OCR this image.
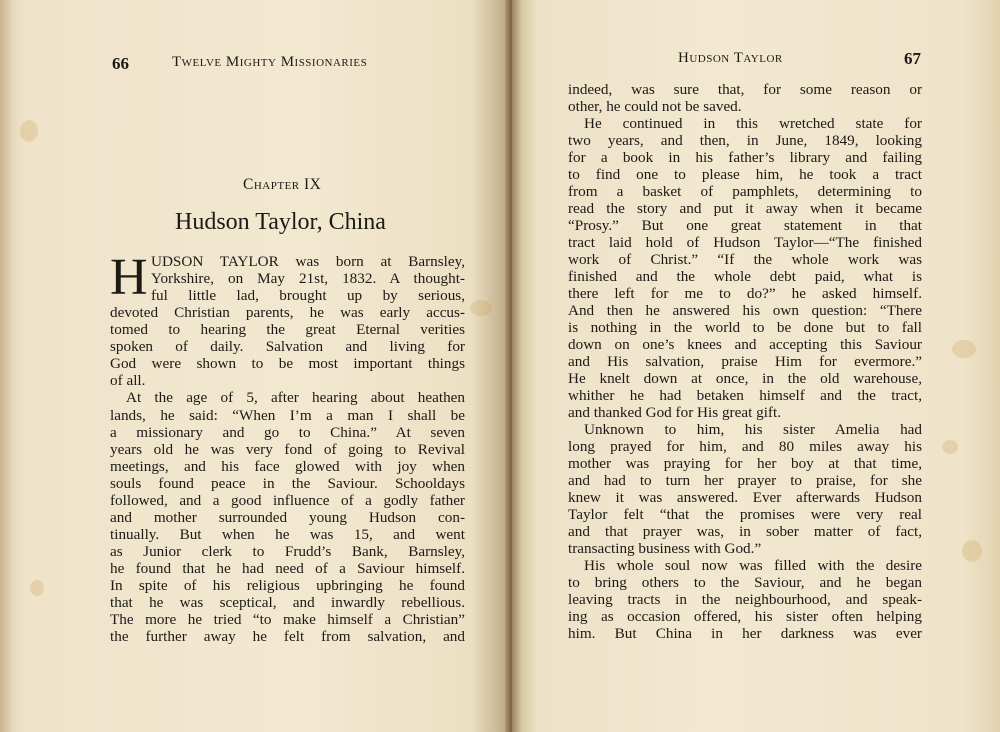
66	Twelve Mighty Missionaries
Chapter IX
Hudson Taylor, China
H UDSON TAYLOR was born at Barnsley,
Yorkshire, on May 21st, 1832. A thought-
ful little lad, brought up by serious,
devoted Christian parents, he was early accus-
tomed to hearing the great Eternal verities
spoken of daily. Salvation and living for
God were shown to be most important things
of all.
At the age of 5, after hearing about heathen
lands, he said: “When I’m a man I shall be
a missionary and go to China.” At seven
years old he was very fond of going to Revival
meetings, and his face glowed with joy when
souls found peace in the Saviour. Schooldays
followed, and a good influence of a godly father
and mother surrounded young Hudson con-
tinually. But when he was 15, and went
as Junior clerk to Frudd’s Bank, Barnsley,
he found that he had need of a Saviour himself.
In spite of his religious upbringing he found
that he was sceptical, and inwardly rebellious.
The more he tried “to make himself a Christian”
the further away he felt from salvation, and
Hudson Taylor	67
indeed, was sure that, for some reason or
other, he could not be saved.
He continued in this wretched state for
two years, and then, in June, 1849, looking
for a book in his father’s library and failing
to find one to please him, he took a tract
from a basket of pamphlets, determining to
read the story and put it away when it became
“Prosy.” But one great statement in that
tract laid hold of Hudson Taylor—“The finished
work of Christ.” “If the whole work was
finished and the whole debt paid, what is
there left for me to do?” he asked himself.
And then he answered his own question: “There
is nothing in the world to be done but to fall
down on one’s knees and accepting this Saviour
and His salvation, praise Him for evermore.”
He knelt down at once, in the old warehouse,
whither he had betaken himself and the tract,
and thanked God for His great gift.
Unknown to him, his sister Amelia had
long prayed for him, and 80 miles away his
mother was praying for her boy at that time,
and had to turn her prayer to praise, for she
knew it was answered. Ever afterwards Hudson
Taylor felt “that the promises were very real
and that prayer was, in sober matter of fact,
transacting business with God.”
His whole soul now was filled with the desire
to bring others to the Saviour, and he began
leaving tracts in the neighbourhood, and speak-
ing as occasion offered, his sister often helping
him. But China in her darkness was ever
